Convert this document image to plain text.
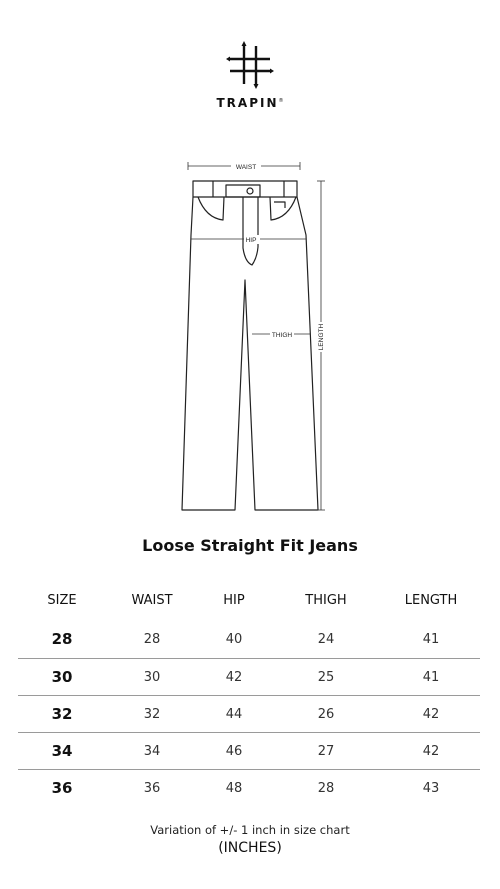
TRAPIN®
WAIST
HIP
THIGH	LENGTH
Loose Straight Fit Jeans
SIZE	WAIST	HIP	THIGH	LENGTH
28	28	40	24	41
30	30	42	25	41
32	32	44	26	42
34	34	46	27	42
36	36	48	28	43
Variation of +/- 1 inch in size chart
(INCHES)
